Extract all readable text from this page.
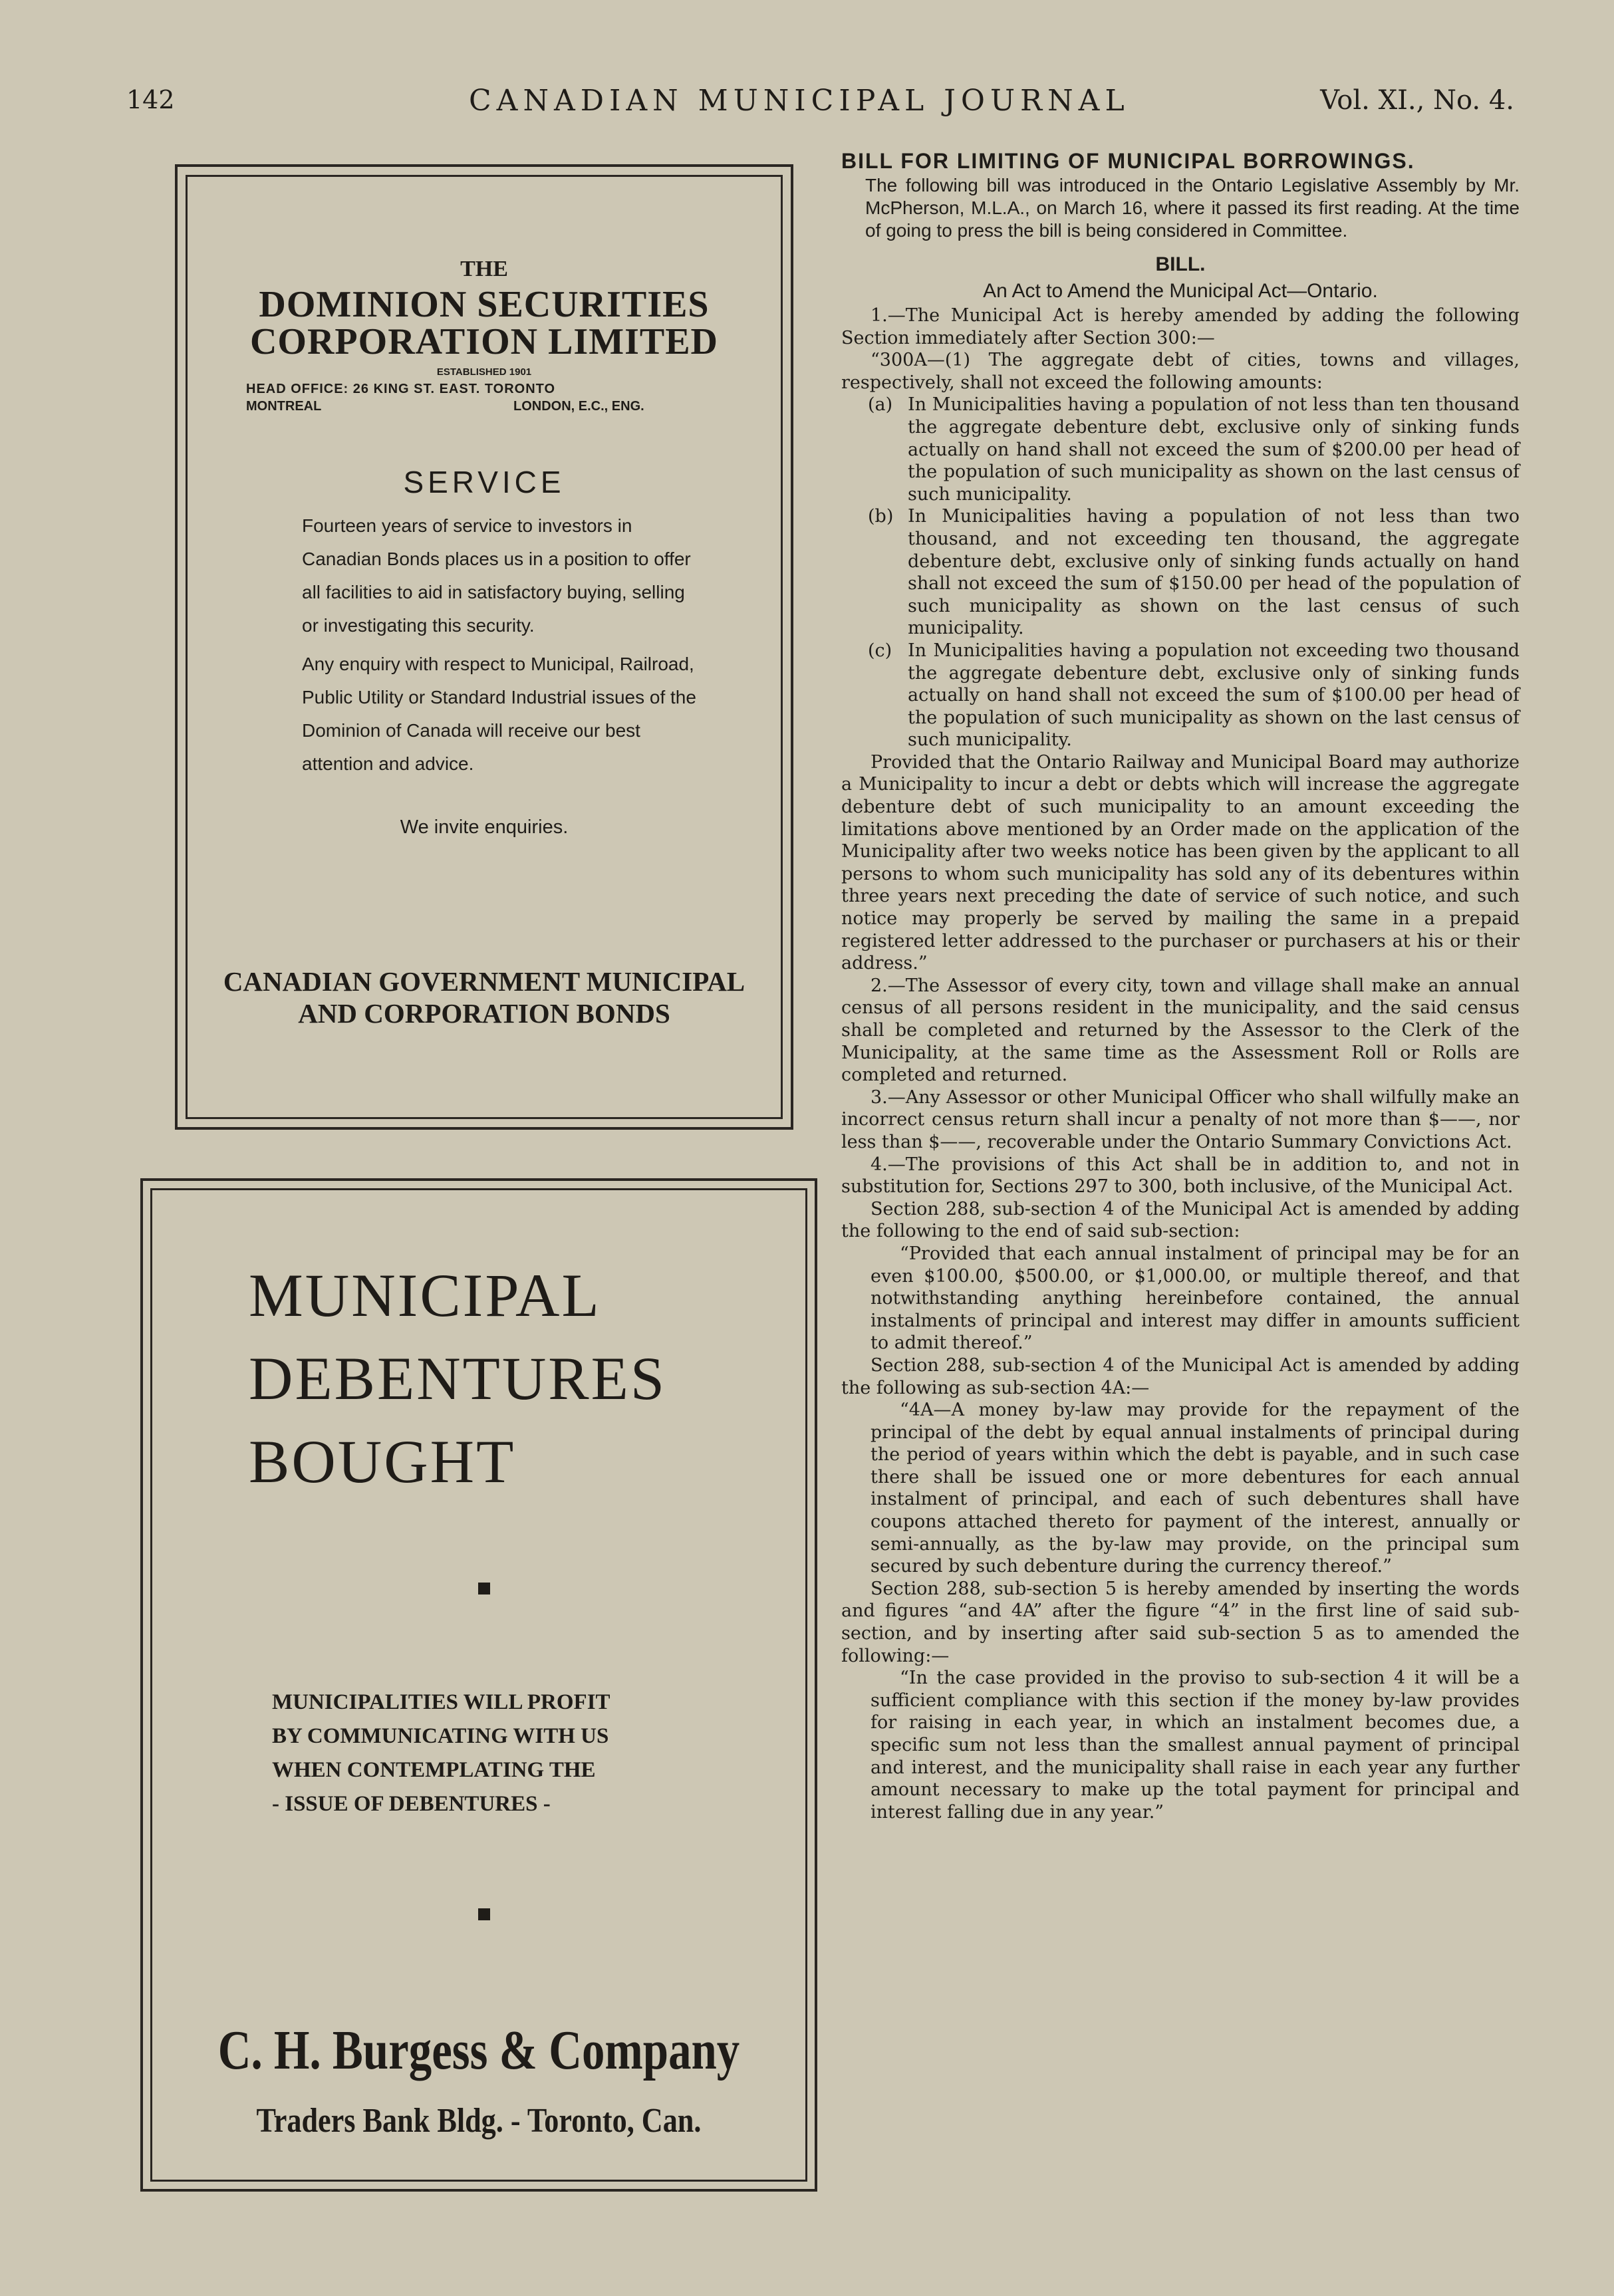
142	CANADIAN MUNICIPAL JOURNAL	Vol. XI., No. 4.
THE
DOMINION SECURITIES
CORPORATION LIMITED
ESTABLISHED 1901
HEAD OFFICE: 26 KING ST. EAST. TORONTO
MONTREAL	LONDON, E.C., ENG.
SERVICE

Fourteen years of service to investors in Canadian Bonds places us in a position to offer all facilities to aid in satisfactory buying, selling or investigating this security.

Any enquiry with respect to Municipal, Railroad, Public Utility or Standard Industrial issues of the Dominion of Canada will receive our best attention and advice.

We invite enquiries.
CANADIAN GOVERNMENT MUNICIPAL
AND CORPORATION BONDS
MUNICIPAL
DEBENTURES
BOUGHT
MUNICIPALITIES WILL PROFIT
BY COMMUNICATING WITH US
WHEN CONTEMPLATING THE
- ISSUE OF DEBENTURES -
C. H. Burgess & Company
Traders Bank Bldg. - Toronto, Can.
BILL FOR LIMITING OF MUNICIPAL BORROWINGS.
The following bill was introduced in the Ontario Legislative Assembly by Mr. McPherson, M.L.A., on March 16, where it passed its first reading. At the time of going to press the bill is being considered in Committee.
BILL.
An Act to Amend the Municipal Act—Ontario.

1.—The Municipal Act is hereby amended by adding the following Section immediately after Section 300:—

“300A—(1) The aggregate debt of cities, towns and villages, respectively, shall not exceed the following amounts:

(a) In Municipalities having a population of not less than ten thousand the aggregate debenture debt, exclusive only of sinking funds actually on hand shall not exceed the sum of $200.00 per head of the population of such municipality as shown on the last census of such municipality.
(b) In Municipalities having a population of not less than two thousand, and not exceeding ten thousand, the aggregate debenture debt, exclusive only of sinking funds actually on hand shall not exceed the sum of $150.00 per head of the population of such municipality as shown on the last census of such municipality.
(c) In Municipalities having a population not exceeding two thousand the aggregate debenture debt, exclusive only of sinking funds actually on hand shall not exceed the sum of $100.00 per head of the population of such municipality as shown on the last census of such municipality.

Provided that the Ontario Railway and Municipal Board may authorize a Municipality to incur a debt or debts which will increase the aggregate debenture debt of such municipality to an amount exceeding the limitations above mentioned by an Order made on the application of the Municipality after two weeks notice has been given by the applicant to all persons to whom such municipality has sold any of its debentures within three years next preceding the date of service of such notice, and such notice may properly be served by mailing the same in a prepaid registered letter addressed to the purchaser or purchasers at his or their address.”

2.—The Assessor of every city, town and village shall make an annual census of all persons resident in the municipality, and the said census shall be completed and returned by the Assessor to the Clerk of the Municipality, at the same time as the Assessment Roll or Rolls are completed and returned.

3.—Any Assessor or other Municipal Officer who shall wilfully make an incorrect census return shall incur a penalty of not more than $——, nor less than $——, recoverable under the Ontario Summary Convictions Act.

4.—The provisions of this Act shall be in addition to, and not in substitution for, Sections 297 to 300, both inclusive, of the Municipal Act.

Section 288, sub-section 4 of the Municipal Act is amended by adding the following to the end of said sub-section:

“Provided that each annual instalment of principal may be for an even $100.00, $500.00, or $1,000.00, or multiple thereof, and that notwithstanding anything hereinbefore contained, the annual instalments of principal and interest may differ in amounts sufficient to admit thereof.”

Section 288, sub-section 4 of the Municipal Act is amended by adding the following as sub-section 4A:—

“4A—A money by-law may provide for the repayment of the principal of the debt by equal annual instalments of principal during the period of years within which the debt is payable, and in such case there shall be issued one or more debentures for each annual instalment of principal, and each of such debentures shall have coupons attached thereto for payment of the interest, annually or semi-annually, as the by-law may provide, on the principal sum secured by such debenture during the currency thereof.”

Section 288, sub-section 5 is hereby amended by inserting the words and figures “and 4A” after the figure “4” in the first line of said sub-section, and by inserting after said sub-section 5 as to amended the following:—

“In the case provided in the proviso to sub-section 4 it will be a sufficient compliance with this section if the money by-law provides for raising in each year, in which an instalment becomes due, a specific sum not less than the smallest annual payment of principal and interest, and the municipality shall raise in each year any further amount necessary to make up the total payment for principal and interest falling due in any year.”
